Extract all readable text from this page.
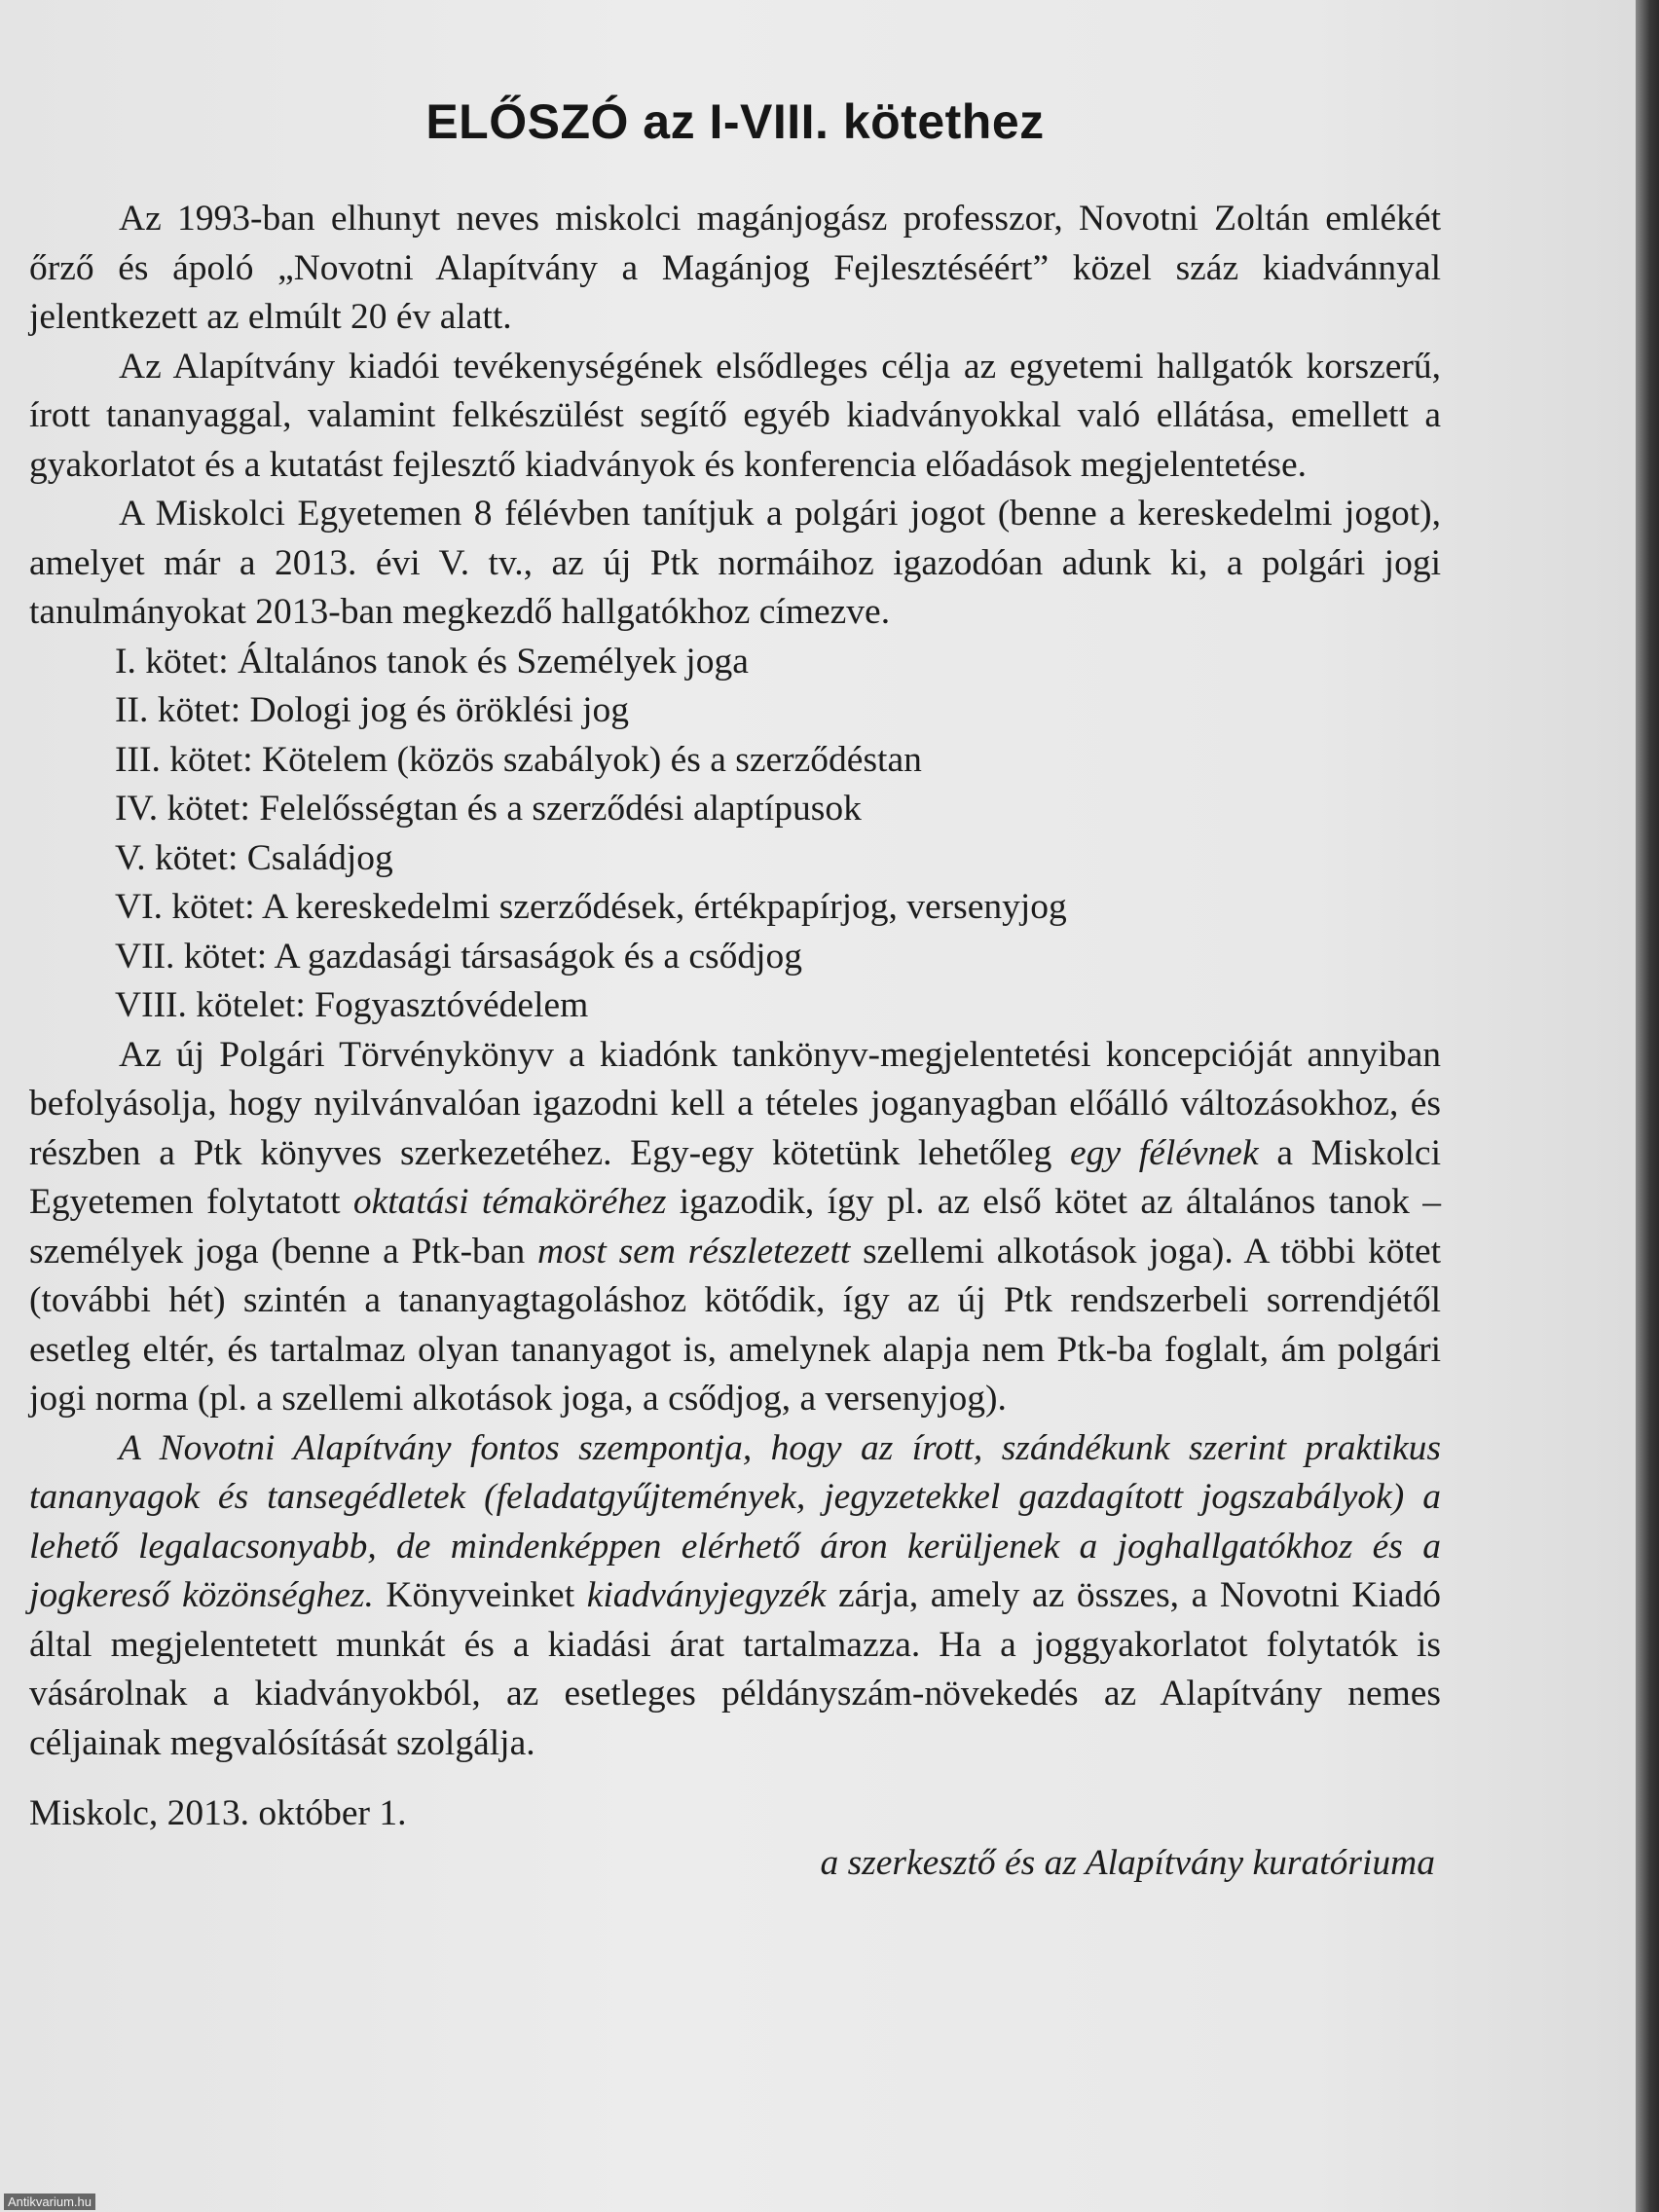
ELŐSZÓ az I-VIII. kötethez

Az 1993-ban elhunyt neves miskolci magánjogász professzor, Novotni Zoltán emlékét őrző és ápoló „Novotni Alapítvány a Magánjog Fejlesztéséért” közel száz kiadvánnyal jelentkezett az elmúlt 20 év alatt.

Az Alapítvány kiadói tevékenységének elsődleges célja az egyetemi hallgatók korszerű, írott tananyaggal, valamint felkészülést segítő egyéb kiadványokkal való ellátása, emellett a gyakorlatot és a kutatást fejlesztő kiadványok és konferencia előadások megjelentetése.

A Miskolci Egyetemen 8 félévben tanítjuk a polgári jogot (benne a kereskedelmi jogot), amelyet már a 2013. évi V. tv., az új Ptk normáihoz igazodóan adunk ki, a polgári jogi tanulmányokat 2013-ban megkezdő hallgatókhoz címezve.

I. kötet: Általános tanok és Személyek joga
II. kötet: Dologi jog és öröklési jog
III. kötet: Kötelem (közös szabályok) és a szerződéstan
IV. kötet: Felelősségtan és a szerződési alaptípusok
V. kötet: Családjog
VI. kötet: A kereskedelmi szerződések, értékpapírjog, versenyjog
VII. kötet: A gazdasági társaságok és a csődjog
VIII. kötelet: Fogyasztóvédelem

Az új Polgári Törvénykönyv a kiadónk tankönyv-megjelentetési koncepcióját annyiban befolyásolja, hogy nyilvánvalóan igazodni kell a tételes joganyagban előálló változásokhoz, és részben a Ptk könyves szerkezetéhez. Egy-egy kötetünk lehetőleg egy félévnek a Miskolci Egyetemen folytatott oktatási témaköréhez igazodik, így pl. az első kötet az általános tanok – személyek joga (benne a Ptk-ban most sem részletezett szellemi alkotások joga). A többi kötet (további hét) szintén a tananyagtagoláshoz kötődik, így az új Ptk rendszerbeli sorrendjétől esetleg eltér, és tartalmaz olyan tananyagot is, amelynek alapja nem Ptk-ba foglalt, ám polgári jogi norma (pl. a szellemi alkotások joga, a csődjog, a versenyjog).

A Novotni Alapítvány fontos szempontja, hogy az írott, szándékunk szerint praktikus tananyagok és tansegédletek (feladatgyűjtemények, jegyzetekkel gazdagított jogszabályok) a lehető legalacsonyabb, de mindenképpen elérhető áron kerüljenek a joghallgatókhoz és a jogkereső közönséghez. Könyveinket kiadványjegyzék zárja, amely az összes, a Novotni Kiadó által megjelentetett munkát és a kiadási árat tartalmazza. Ha a joggyakorlatot folytatók is vásárolnak a kiadványokból, az esetleges példányszám-növekedés az Alapítvány nemes céljainak megvalósítását szolgálja.

Miskolc, 2013. október 1.

a szerkesztő és az Alapítvány kuratóriuma

Antikvarium.hu
